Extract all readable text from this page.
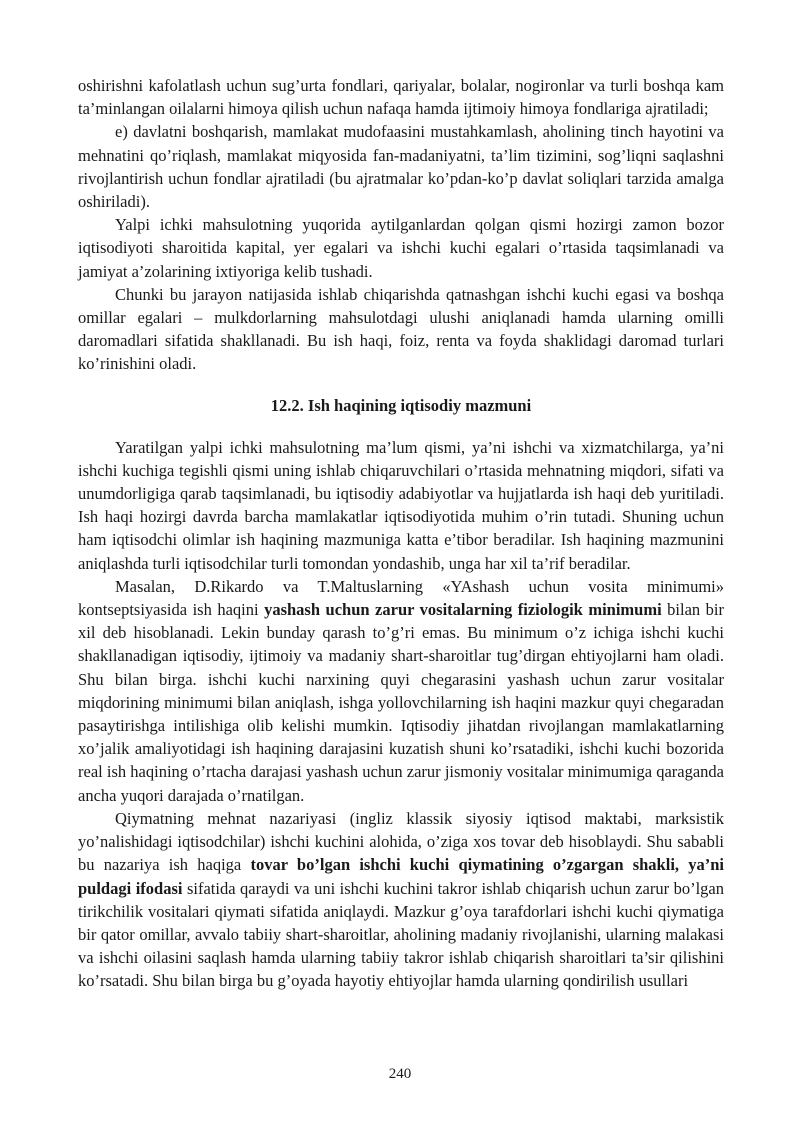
oshirishni kafolatlash uchun sug’urta fondlari, qariyalar, bolalar, nogironlar va turli boshqa kam ta’minlangan oilalarni himoya qilish uchun nafaqa hamda ijtimoiy himoya fondlariga ajratiladi;

e) davlatni boshqarish, mamlakat mudofaasini mustahkamlash, aholining tinch hayotini va mehnatini qo’riqlash, mamlakat miqyosida fan-madaniyatni, ta’lim tizimini, sog’liqni saqlashni rivojlantirish uchun fondlar ajratiladi (bu ajratmalar ko’pdan-ko’p davlat soliqlari tarzida amalga oshiriladi).

Yalpi ichki mahsulotning yuqorida aytilganlardan qolgan qismi hozirgi zamon bozor iqtisodiyoti sharoitida kapital, yer egalari va ishchi kuchi egalari o’rtasida taqsimlanadi va jamiyat a’zolarining ixtiyoriga kelib tushadi.

Chunki bu jarayon natijasida ishlab chiqarishda qatnashgan ishchi kuchi egasi va boshqa omillar egalari – mulkdorlarning mahsulotdagi ulushi aniqlanadi hamda ularning omilli daromadlari sifatida shakllanadi. Bu ish haqi, foiz, renta va foyda shaklidagi daromad turlari ko’rinishini oladi.

12.2. Ish haqining iqtisodiy mazmuni

Yaratilgan yalpi ichki mahsulotning ma’lum qismi, ya’ni ishchi va xizmatchilarga, ya’ni ishchi kuchiga tegishli qismi uning ishlab chiqaruvchilari o’rtasida mehnatning miqdori, sifati va unumdorligiga qarab taqsimlanadi, bu iqtisodiy adabiyotlar va hujjatlarda ish haqi deb yuritiladi. Ish haqi hozirgi davrda barcha mamlakatlar iqtisodiyotida muhim o’rin tutadi. Shuning uchun ham iqtisodchi olimlar ish haqining mazmuniga katta e’tibor beradilar. Ish haqining mazmunini aniqlashda turli iqtisodchilar turli tomondan yondashib, unga har xil ta’rif beradilar.

Masalan, D.Rikardo va T.Maltuslarning «YAshash uchun vosita minimumi» kontseptsiyasida ish haqini yashash uchun zarur vositalarning fiziologik minimumi bilan bir xil deb hisoblanadi. Lekin bunday qarash to’g’ri emas. Bu minimum o’z ichiga ishchi kuchi shakllanadigan iqtisodiy, ijtimoiy va madaniy shart-sharoitlar tug’dirgan ehtiyojlarni ham oladi. Shu bilan birga. ishchi kuchi narxining quyi chegarasini yashash uchun zarur vositalar miqdorining minimumi bilan aniqlash, ishga yollovchilarning ish haqini mazkur quyi chegaradan pasaytirishga intilishiga olib kelishi mumkin. Iqtisodiy jihatdan rivojlangan mamlakatlarning xo’jalik amaliyotidagi ish haqining darajasini kuzatish shuni ko’rsatadiki, ishchi kuchi bozorida real ish haqining o’rtacha darajasi yashash uchun zarur jismoniy vositalar minimumiga qaraganda ancha yuqori darajada o’rnatilgan.

Qiymatning mehnat nazariyasi (ingliz klassik siyosiy iqtisod maktabi, marksistik yo’nalishidagi iqtisodchilar) ishchi kuchini alohida, o’ziga xos tovar deb hisoblaydi. Shu sababli bu nazariya ish haqiga tovar bo’lgan ishchi kuchi qiymatining o’zgargan shakli, ya’ni puldagi ifodasi sifatida qaraydi va uni ishchi kuchini takror ishlab chiqarish uchun zarur bo’lgan tirikchilik vositalari qiymati sifatida aniqlaydi. Mazkur g’oya tarafdorlari ishchi kuchi qiymatiga bir qator omillar, avvalo tabiiy shart-sharoitlar, aholining madaniy rivojlanishi, ularning malakasi va ishchi oilasini saqlash hamda ularning tabiiy takror ishlab chiqarish sharoitlari ta’sir qilishini ko’rsatadi. Shu bilan birga bu g’oyada hayotiy ehtiyojlar hamda ularning qondirilish usullari

240
